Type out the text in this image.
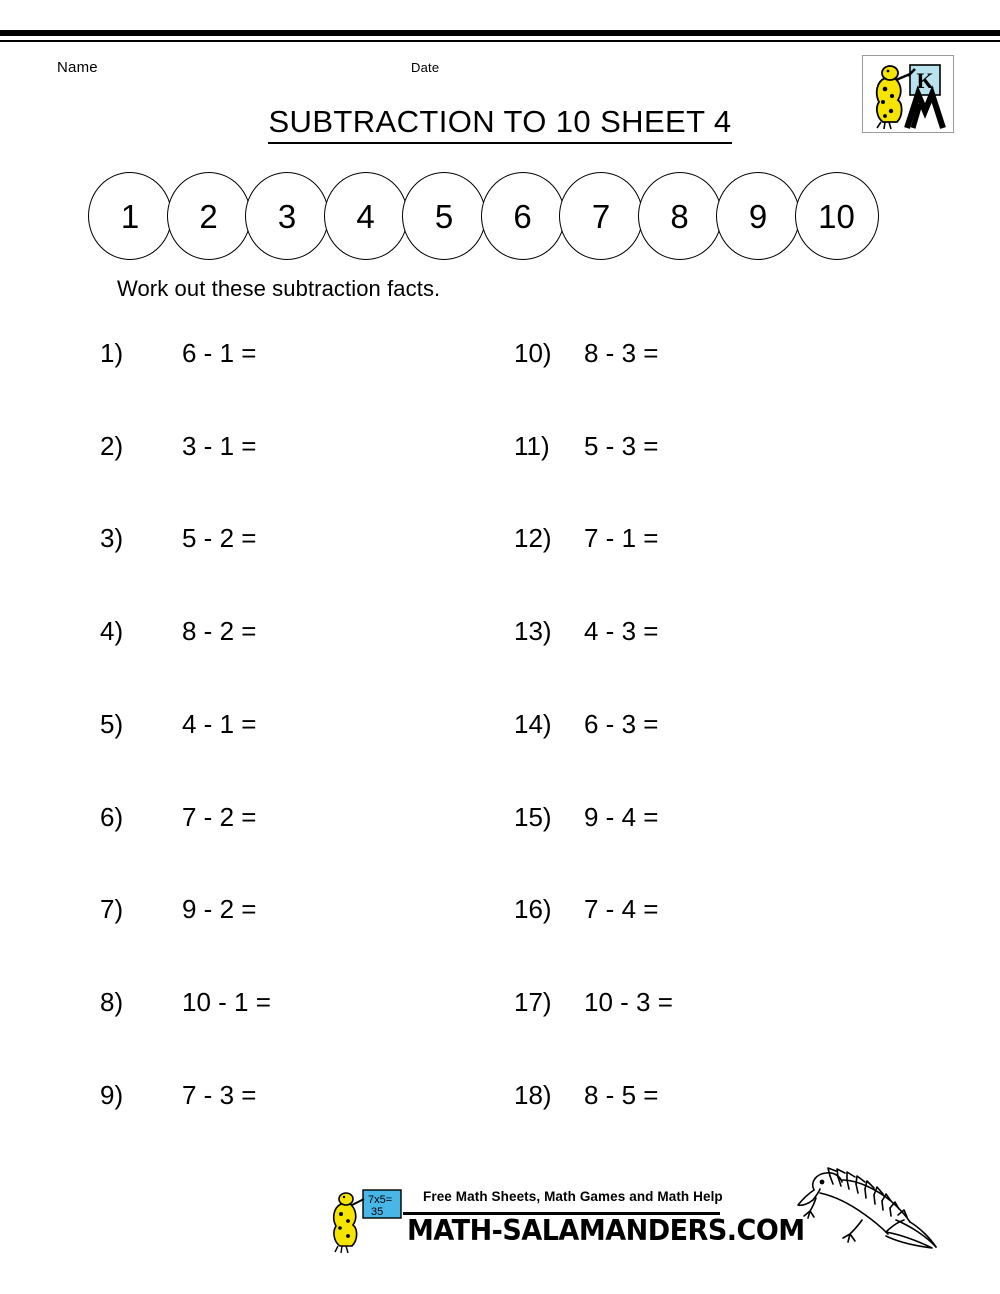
Name	Date
K
SUBTRACTION TO 10 SHEET 4
1 2 3 4 5 6 7 8 9 10
Work out these subtraction facts.
1) 6 - 1 =
2) 3 - 1 =
3) 5 - 2 =
4) 8 - 2 =
5) 4 - 1 =
6) 7 - 2 =
7) 9 - 2 =
8) 10 - 1 =
9) 7 - 3 =
10) 8 - 3 =
11) 5 - 3 =
12) 7 - 1 =
13) 4 - 3 =
14) 6 - 3 =
15) 9 - 4 =
16) 7 - 4 =
17) 10 - 3 =
18) 8 - 5 =
7x5=
35
Free Math Sheets, Math Games and Math Help
MATH-SALAMANDERS.COM
